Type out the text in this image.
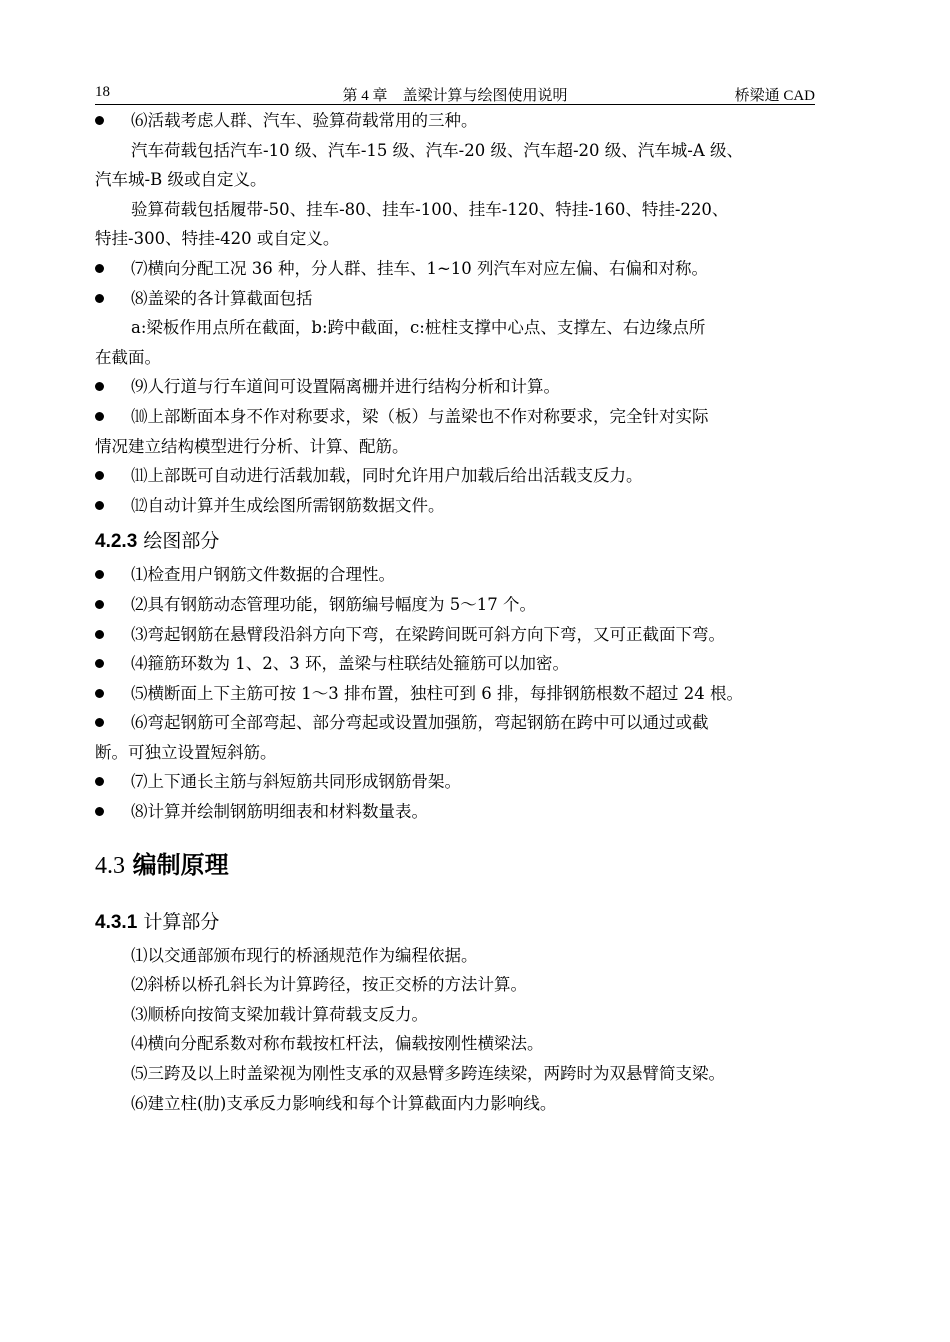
18	第 4 章　盖梁计算与绘图使用说明	桥梁通 CAD
⑹活载考虑人群、汽车、验算荷载常用的三种。
汽车荷载包括汽车-10 级、汽车-15 级、汽车-20 级、汽车超-20 级、汽车城-A 级、
汽车城-B 级或自定义。
验算荷载包括履带-50、挂车-80、挂车-100、挂车-120、特挂-160、特挂-220、
特挂-300、特挂-420 或自定义。
⑺横向分配工况 36 种，分人群、挂车、1~10 列汽车对应左偏、右偏和对称。
⑻盖梁的各计算截面包括
a:梁板作用点所在截面，b:跨中截面，c:桩柱支撑中心点、支撑左、右边缘点所
在截面。
⑼人行道与行车道间可设置隔离栅并进行结构分析和计算。
⑽上部断面本身不作对称要求，梁（板）与盖梁也不作对称要求，完全针对实际
情况建立结构模型进行分析、计算、配筋。
⑾上部既可自动进行活载加载，同时允许用户加载后给出活载支反力。
⑿自动计算并生成绘图所需钢筋数据文件。
4.2.3 绘图部分
⑴检查用户钢筋文件数据的合理性。
⑵具有钢筋动态管理功能，钢筋编号幅度为 5～17 个。
⑶弯起钢筋在悬臂段沿斜方向下弯，在梁跨间既可斜方向下弯，又可正截面下弯。
⑷箍筋环数为 1、2、3 环，盖梁与柱联结处箍筋可以加密。
⑸横断面上下主筋可按 1～3 排布置，独柱可到 6 排，每排钢筋根数不超过 24 根。
⑹弯起钢筋可全部弯起、部分弯起或设置加强筋，弯起钢筋在跨中可以通过或截
断。可独立设置短斜筋。
⑺上下通长主筋与斜短筋共同形成钢筋骨架。
⑻计算并绘制钢筋明细表和材料数量表。
4.3 编制原理
4.3.1 计算部分
⑴以交通部颁布现行的桥涵规范作为编程依据。
⑵斜桥以桥孔斜长为计算跨径，按正交桥的方法计算。
⑶顺桥向按简支梁加载计算荷载支反力。
⑷横向分配系数对称布载按杠杆法，偏载按刚性横梁法。
⑸三跨及以上时盖梁视为刚性支承的双悬臂多跨连续梁，两跨时为双悬臂简支梁。
⑹建立柱(肋)支承反力影响线和每个计算截面内力影响线。
